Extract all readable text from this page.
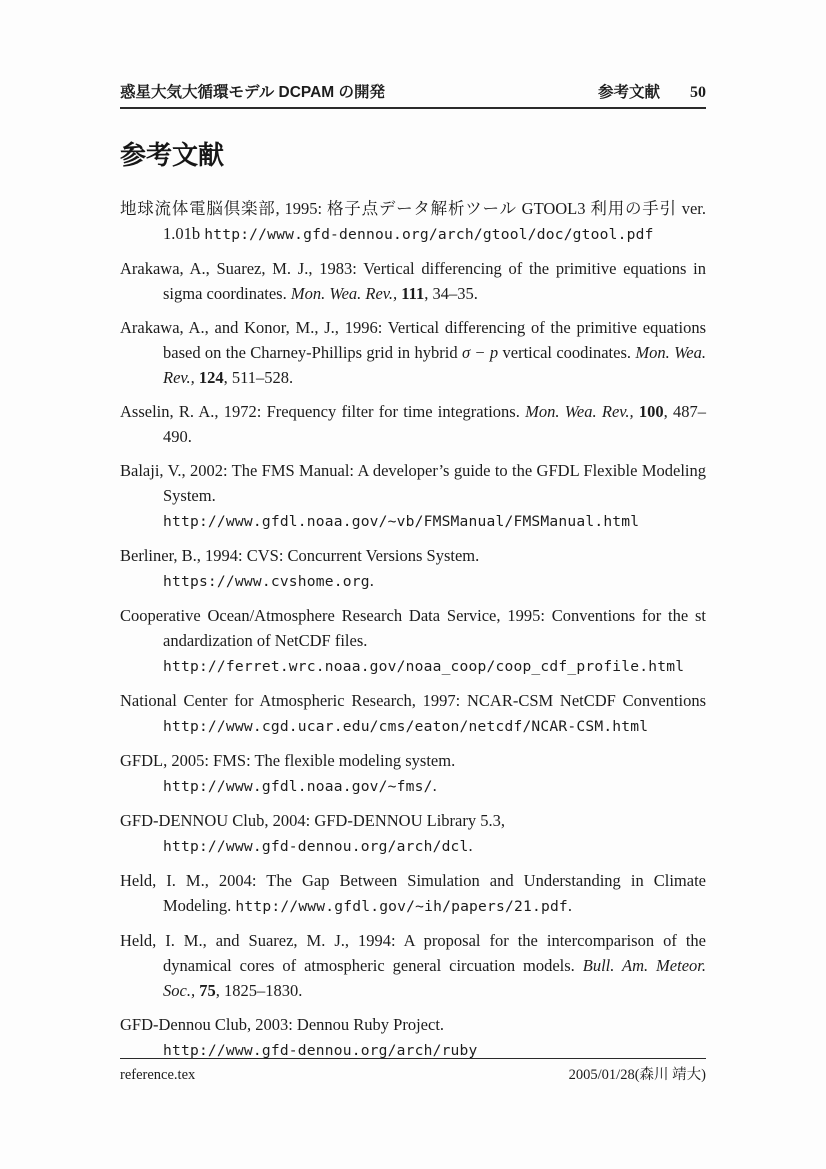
惑星大気大循環モデル DCPAM の開発	参考文献 50
参考文献
地球流体電脳倶楽部, 1995: 格子点データ解析ツール GTOOL3 利用の手引 ver. 1.01b http://www.gfd-dennou.org/arch/gtool/doc/gtool.pdf
Arakawa, A., Suarez, M. J., 1983: Vertical differencing of the primitive equations in sigma coordinates. Mon. Wea. Rev., 111, 34–35.
Arakawa, A., and Konor, M., J., 1996: Vertical differencing of the primitive equations based on the Charney-Phillips grid in hybrid σ − p vertical coodinates. Mon. Wea. Rev., 124, 511–528.
Asselin, R. A., 1972: Frequency filter for time integrations. Mon. Wea. Rev., 100, 487–490.
Balaji, V., 2002: The FMS Manual: A developer’s guide to the GFDL Flexible Modeling System.
http://www.gfdl.noaa.gov/~vb/FMSManual/FMSManual.html
Berliner, B., 1994: CVS: Concurrent Versions System.
https://www.cvshome.org.
Cooperative Ocean/Atmosphere Research Data Service, 1995: Conventions for the st andardization of NetCDF files.
http://ferret.wrc.noaa.gov/noaa_coop/coop_cdf_profile.html
National Center for Atmospheric Research, 1997: NCAR-CSM NetCDF Conventions http://www.cgd.ucar.edu/cms/eaton/netcdf/NCAR-CSM.html
GFDL, 2005: FMS: The flexible modeling system.
http://www.gfdl.noaa.gov/~fms/.
GFD-DENNOU Club, 2004: GFD-DENNOU Library 5.3,
http://www.gfd-dennou.org/arch/dcl.
Held, I. M., 2004: The Gap Between Simulation and Understanding in Climate Modeling. http://www.gfdl.gov/~ih/papers/21.pdf.
Held, I. M., and Suarez, M. J., 1994: A proposal for the intercomparison of the dynamical cores of atmospheric general circuation models. Bull. Am. Meteor. Soc., 75, 1825–1830.
GFD-Dennou Club, 2003: Dennou Ruby Project.
http://www.gfd-dennou.org/arch/ruby
reference.tex	2005/01/28(森川 靖大)
